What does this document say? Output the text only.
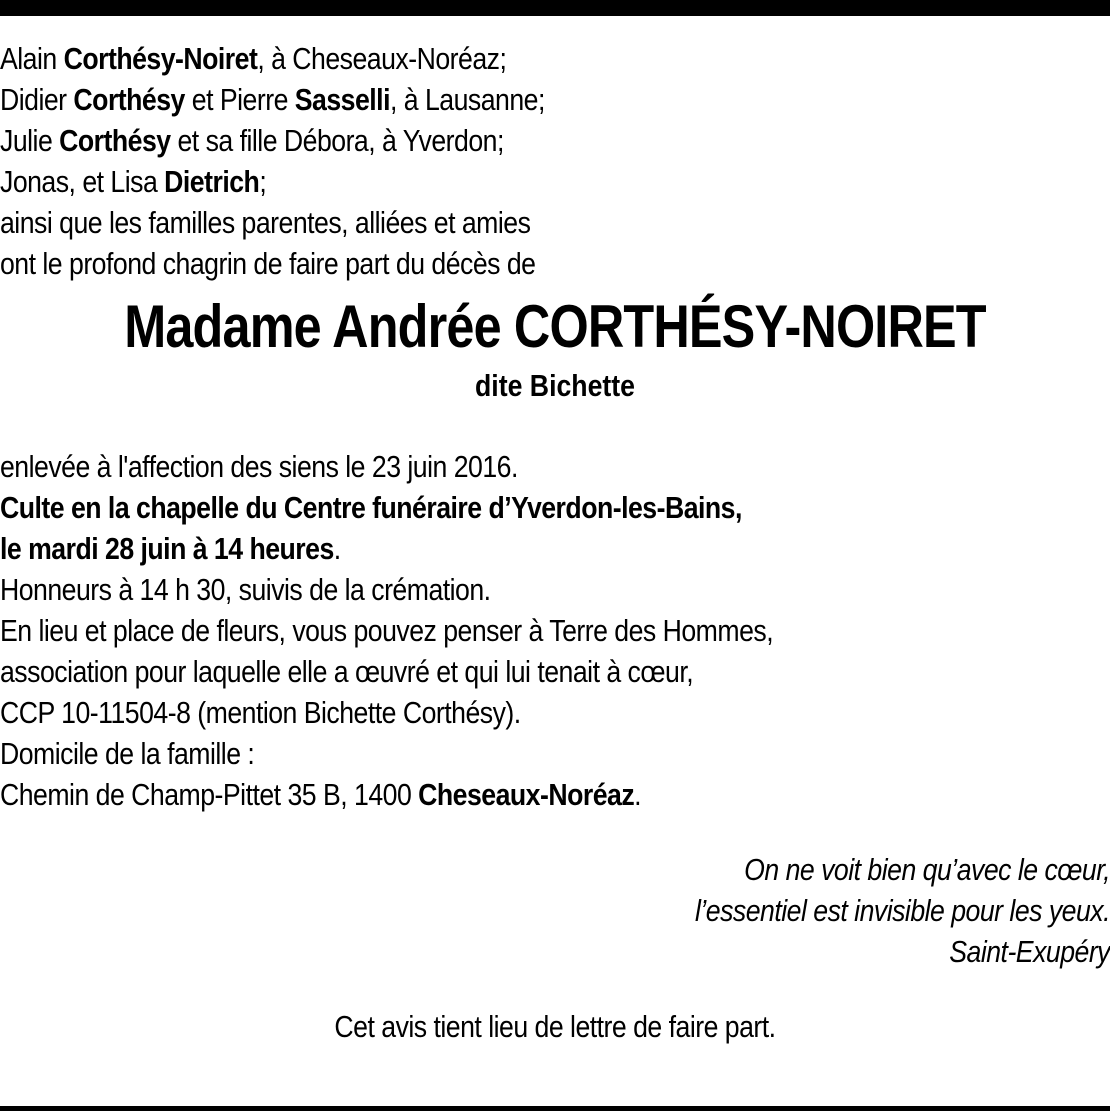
Alain Corthésy-Noiret, à Cheseaux-Noréaz;
Didier Corthésy et Pierre Sasselli, à Lausanne;
Julie Corthésy et sa fille Débora, à Yverdon;
Jonas, et Lisa Dietrich;
ainsi que les familles parentes, alliées et amies
ont le profond chagrin de faire part du décès de
Madame Andrée CORTHÉSY-NOIRET
dite Bichette
enlevée à l'affection des siens le 23 juin 2016.
Culte en la chapelle du Centre funéraire d’Yverdon-les-Bains,
le mardi 28 juin à 14 heures.
Honneurs à 14 h 30, suivis de la crémation.
En lieu et place de fleurs, vous pouvez penser à Terre des Hommes,
association pour laquelle elle a œuvré et qui lui tenait à cœur,
CCP 10-11504-8 (mention Bichette Corthésy).
Domicile de la famille :
Chemin de Champ-Pittet 35 B, 1400 Cheseaux-Noréaz.
On ne voit bien qu’avec le cœur,
l’essentiel est invisible pour les yeux.
Saint-Exupéry
Cet avis tient lieu de lettre de faire part.
